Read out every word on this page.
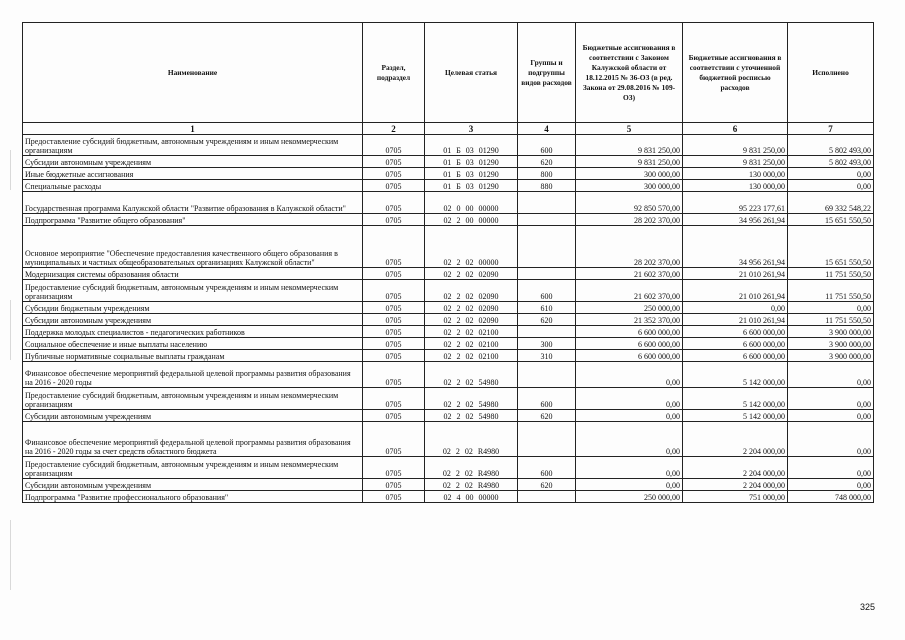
Наименование	Раздел, подраздел	Целевая статья	Группы и подгруппы видов расходов	Бюджетные ассигнования в соответствии с Законом Калужской области от 18.12.2015 № 36-ОЗ (в ред. Закона от 29.08.2016 № 109-ОЗ)	Бюджетные ассигнования в соответствии с уточненной бюджетной росписью расходов	Исполнено
1	2	3	4	5	6	7
Предоставление субсидий бюджетным, автономным учреждениям и иным некоммерческим организациям	0705	01 Б 03 01290	600	9 831 250,00	9 831 250,00	5 802 493,00
Субсидии автономным учреждениям	0705	01 Б 03 01290	620	9 831 250,00	9 831 250,00	5 802 493,00
Иные бюджетные ассигнования	0705	01 Б 03 01290	800	300 000,00	130 000,00	0,00
Специальные расходы	0705	01 Б 03 01290	880	300 000,00	130 000,00	0,00
Государственная программа Калужской области "Развитие образования в Калужской области"	0705	02 0 00 00000		92 850 570,00	95 223 177,61	69 332 548,22
Подпрограмма "Развитие общего образования"	0705	02 2 00 00000		28 202 370,00	34 956 261,94	15 651 550,50
Основное мероприятие "Обеспечение предоставления качественного общего образования в муниципальных и частных общеобразовательных организациях Калужской области"	0705	02 2 02 00000		28 202 370,00	34 956 261,94	15 651 550,50
Модернизация системы образования области	0705	02 2 02 02090		21 602 370,00	21 010 261,94	11 751 550,50
Предоставление субсидий бюджетным, автономным учреждениям и иным некоммерческим организациям	0705	02 2 02 02090	600	21 602 370,00	21 010 261,94	11 751 550,50
Субсидии бюджетным учреждениям	0705	02 2 02 02090	610	250 000,00	0,00	0,00
Субсидии автономным учреждениям	0705	02 2 02 02090	620	21 352 370,00	21 010 261,94	11 751 550,50
Поддержка молодых специалистов - педагогических работников	0705	02 2 02 02100		6 600 000,00	6 600 000,00	3 900 000,00
Социальное обеспечение и иные выплаты населению	0705	02 2 02 02100	300	6 600 000,00	6 600 000,00	3 900 000,00
Публичные нормативные социальные выплаты гражданам	0705	02 2 02 02100	310	6 600 000,00	6 600 000,00	3 900 000,00
Финансовое обеспечение мероприятий федеральной целевой программы развития образования на 2016 - 2020 годы	0705	02 2 02 54980		0,00	5 142 000,00	0,00
Предоставление субсидий бюджетным, автономным учреждениям и иным некоммерческим организациям	0705	02 2 02 54980	600	0,00	5 142 000,00	0,00
Субсидии автономным учреждениям	0705	02 2 02 54980	620	0,00	5 142 000,00	0,00
Финансовое обеспечение мероприятий федеральной целевой программы развития образования на 2016 - 2020 годы за счет средств областного бюджета	0705	02 2 02 R4980		0,00	2 204 000,00	0,00
Предоставление субсидий бюджетным, автономным учреждениям и иным некоммерческим организациям	0705	02 2 02 R4980	600	0,00	2 204 000,00	0,00
Субсидии автономным учреждениям	0705	02 2 02 R4980	620	0,00	2 204 000,00	0,00
Подпрограмма "Развитие профессионального образования"	0705	02 4 00 00000		250 000,00	751 000,00	748 000,00
325
